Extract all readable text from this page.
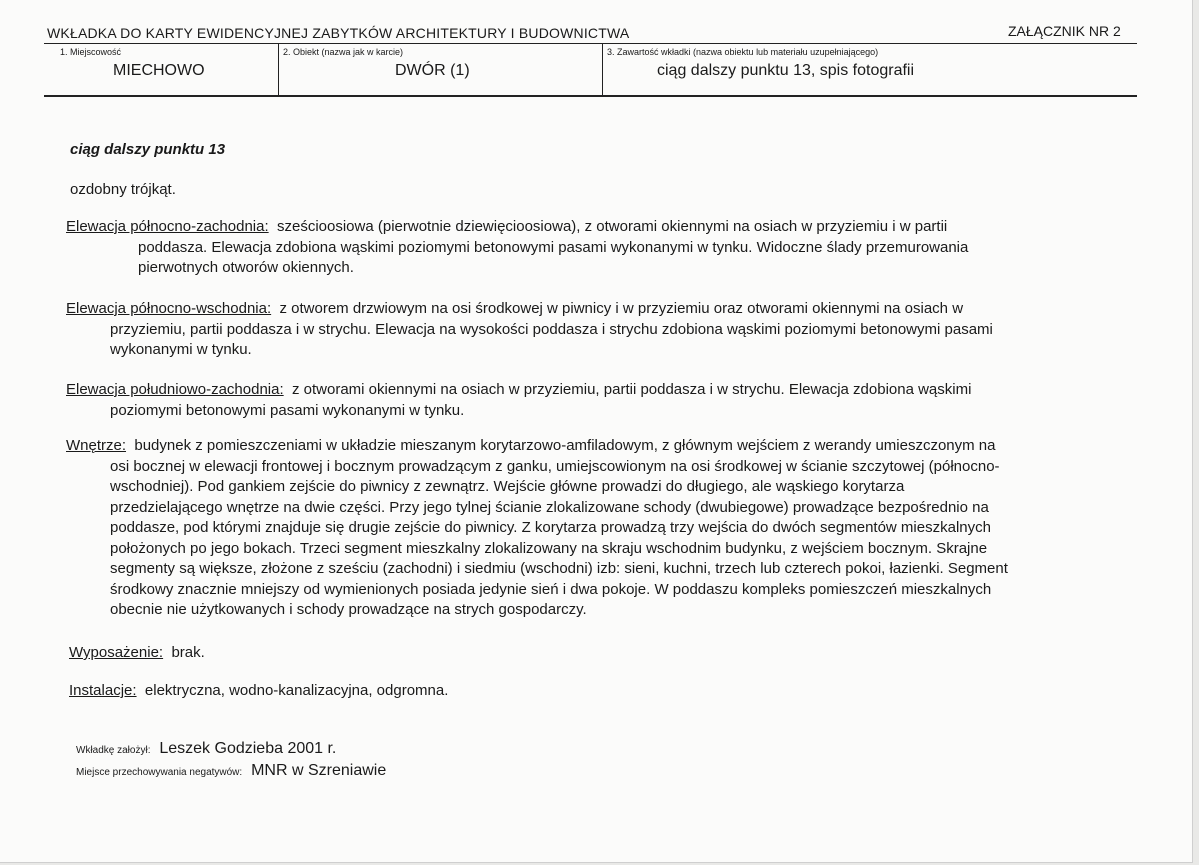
WKŁADKA DO KARTY EWIDENCYJNEJ ZABYTKÓW ARCHITEKTURY I BUDOWNICTWA	ZAŁĄCZNIK NR 2
1. Miejscowość
MIECHOWO
2. Obiekt (nazwa jak w karcie)
DWÓR (1)
3. Zawartość wkładki (nazwa obiektu lub materiału uzupełniającego)
ciąg dalszy punktu 13, spis fotografii
ciąg dalszy punktu 13
ozdobny trójkąt.
Elewacja północno-zachodnia: sześcioosiowa (pierwotnie dziewięcioosiowa), z otworami okiennymi na osiach w przyziemiu i w partii
poddasza. Elewacja zdobiona wąskimi poziomymi betonowymi pasami wykonanymi w tynku. Widoczne ślady przemurowania
pierwotnych otworów okiennych.
Elewacja północno-wschodnia: z otworem drzwiowym na osi środkowej w piwnicy i w przyziemiu oraz otworami okiennymi na osiach w
przyziemiu, partii poddasza i w strychu. Elewacja na wysokości poddasza i strychu zdobiona wąskimi poziomymi betonowymi pasami
wykonanymi w tynku.
Elewacja południowo-zachodnia: z otworami okiennymi na osiach w przyziemiu, partii poddasza i w strychu. Elewacja zdobiona wąskimi
poziomymi betonowymi pasami wykonanymi w tynku.
Wnętrze: budynek z pomieszczeniami w układzie mieszanym korytarzowo-amfiladowym, z głównym wejściem z werandy umieszczonym na
osi bocznej w elewacji frontowej i bocznym prowadzącym z ganku, umiejscowionym na osi środkowej w ścianie szczytowej (północno-
wschodniej). Pod gankiem zejście do piwnicy z zewnątrz. Wejście główne prowadzi do długiego, ale wąskiego korytarza
przedzielającego wnętrze na dwie części. Przy jego tylnej ścianie zlokalizowane schody (dwubiegowe) prowadzące bezpośrednio na
poddasze, pod którymi znajduje się drugie zejście do piwnicy. Z korytarza prowadzą trzy wejścia do dwóch segmentów mieszkalnych
położonych po jego bokach. Trzeci segment mieszkalny zlokalizowany na skraju wschodnim budynku, z wejściem bocznym. Skrajne
segmenty są większe, złożone z sześciu (zachodni) i siedmiu (wschodni) izb: sieni, kuchni, trzech lub czterech pokoi, łazienki. Segment
środkowy znacznie mniejszy od wymienionych posiada jedynie sień i dwa pokoje. W poddaszu kompleks pomieszczeń mieszkalnych
obecnie nie użytkowanych i schody prowadzące na strych gospodarczy.
Wyposażenie: brak.
Instalacje: elektryczna, wodno-kanalizacyjna, odgromna.
Wkładkę założył: Leszek Godzieba 2001 r.
Miejsce przechowywania negatywów: MNR w Szreniawie
